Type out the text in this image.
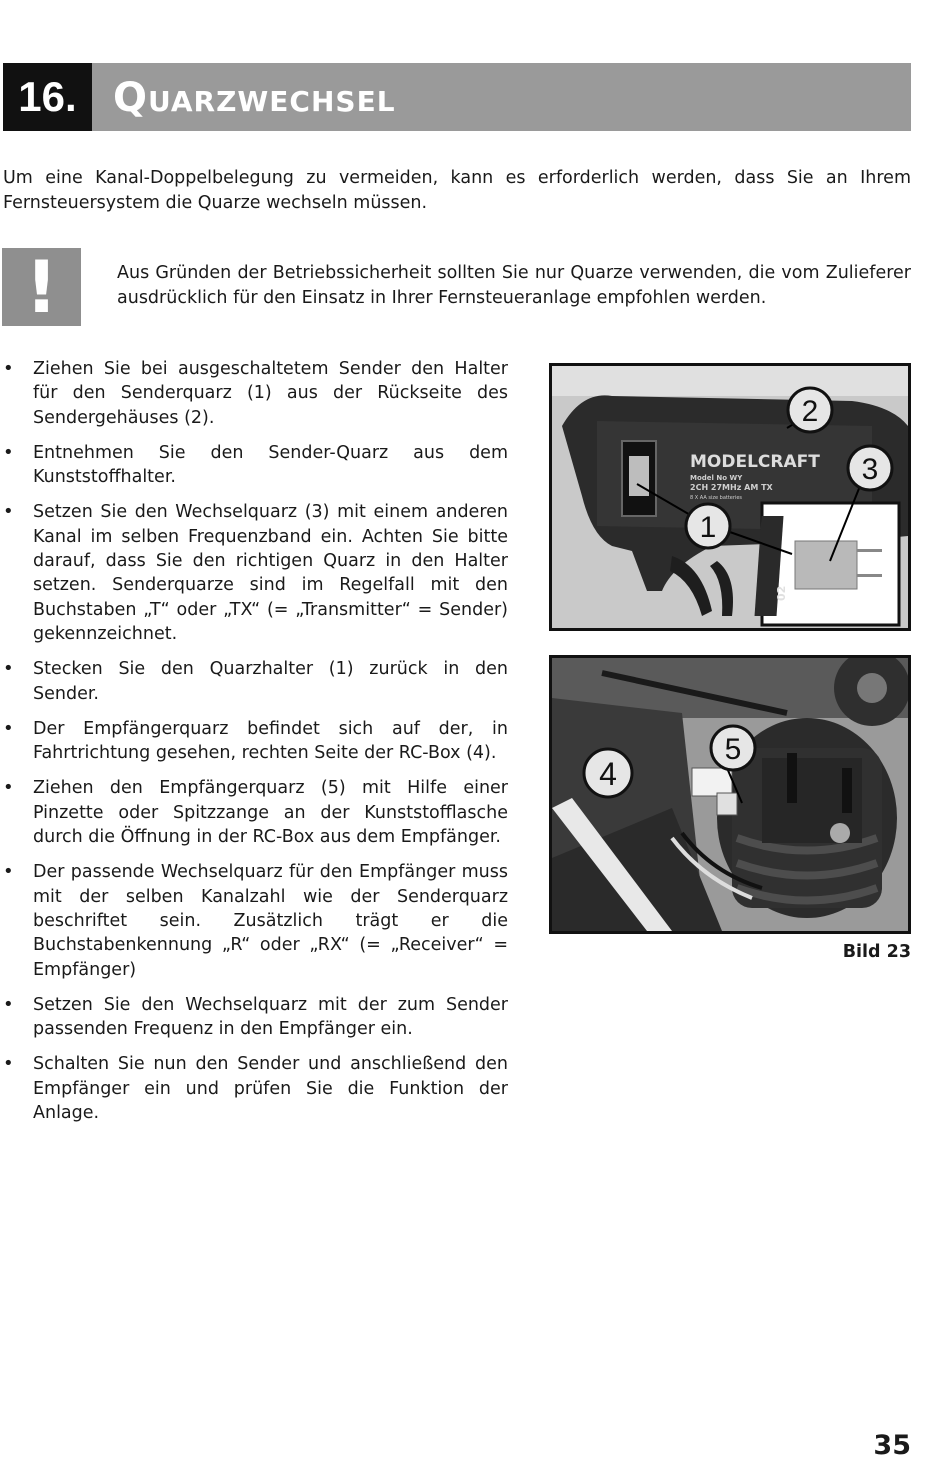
16. Quarzwechsel

Um eine Kanal-Doppelbelegung zu vermeiden, kann es erforderlich werden, dass Sie an Ihrem Fernsteuersystem die Quarze wechseln müssen.

!	Aus Gründen der Betriebssicherheit sollten Sie nur Quarze verwenden, die vom Zulieferer ausdrücklich für den Einsatz in Ihrer Fernsteueranlage empfohlen werden.

• Ziehen Sie bei ausgeschaltetem Sender den Halter für den Senderquarz (1) aus der Rückseite des Sendergehäuses (2).
• Entnehmen Sie den Sender-Quarz aus dem Kunststoffhalter.
• Setzen Sie den Wechselquarz (3) mit einem anderen Kanal im selben Frequenzband ein. Achten Sie bitte darauf, dass Sie den richtigen Quarz in den Halter setzen. Senderquarze sind im Regelfall mit den Buchstaben „T“ oder „TX“ (= „Transmitter“ = Sender) gekennzeichnet.
• Stecken Sie den Quarzhalter (1) zurück in den Sender.
• Der Empfängerquarz befindet sich auf der, in Fahrtrichtung gesehen, rechten Seite der RC-Box (4).
• Ziehen den Empfängerquarz (5) mit Hilfe einer Pinzette oder Spitzzange an der Kunststofflasche durch die Öffnung in der RC-Box aus dem Empfänger.
• Der passende Wechselquarz für den Empfänger muss mit der selben Kanalzahl wie der Senderquarz beschriftet sein. Zusätzlich trägt er die Buchstabenkennung „R“ oder „RX“ (= „Receiver“ = Empfänger)
• Setzen Sie den Wechselquarz mit der zum Sender passenden Frequenz in den Empfänger ein.
• Schalten Sie nun den Sender und anschließend den Empfänger ein und prüfen Sie die Funktion der Anlage.
MODELCRAFT
Model No WY
2CH 27MHz AM TX
8 X AA size batteries
02
1
2
3
4
5
Bild 23
35
